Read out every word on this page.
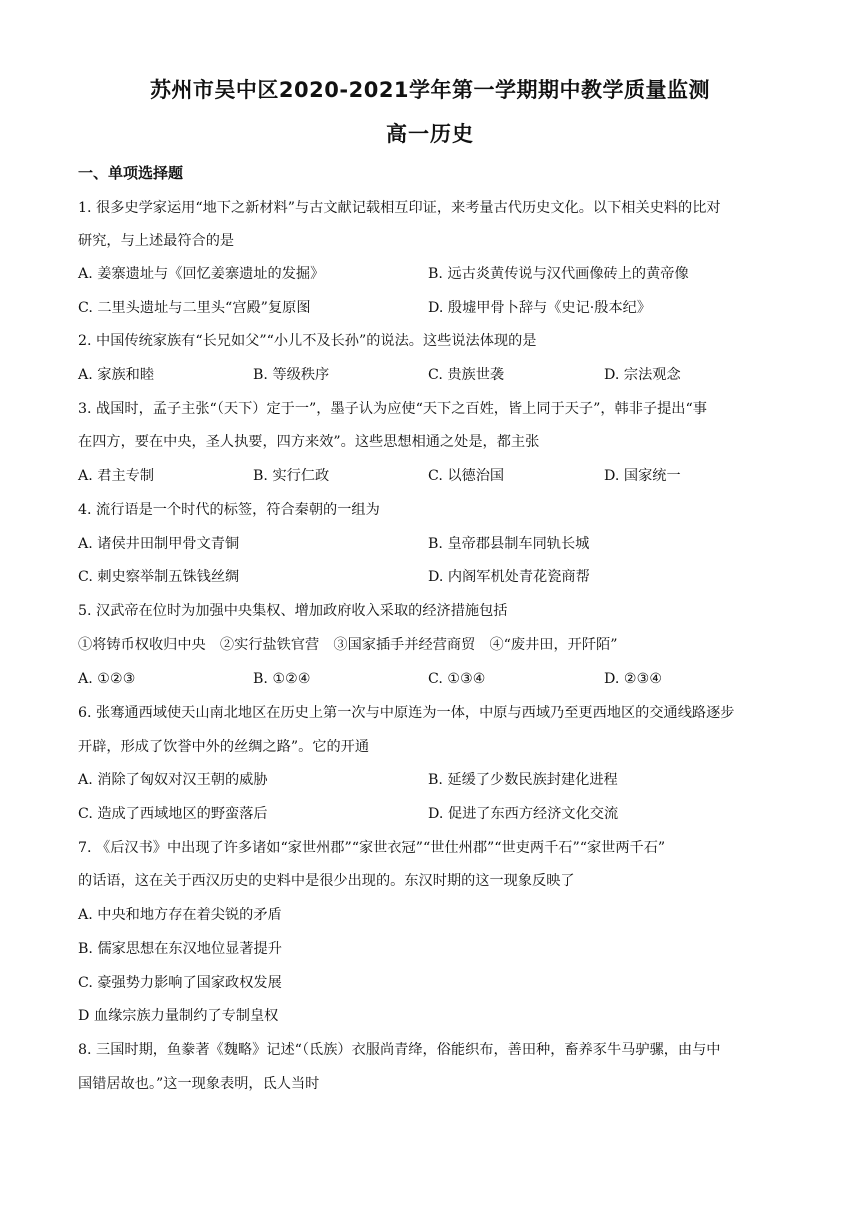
苏州市吴中区2020-2021学年第一学期期中教学质量监测
高一历史
一、单项选择题
1. 很多史学家运用“地下之新材料”与古文献记载相互印证，来考量古代历史文化。以下相关史料的比对
研究，与上述最符合的是
A. 姜寨遗址与《回忆姜寨遗址的发掘》	B. 远古炎黄传说与汉代画像砖上的黄帝像
C. 二里头遗址与二里头“宫殿”复原图	D. 殷墟甲骨卜辞与《史记·殷本纪》
2. 中国传统家族有“长兄如父”“小儿不及长孙”的说法。这些说法体现的是
A. 家族和睦	B. 等级秩序	C. 贵族世袭	D. 宗法观念
3. 战国时，孟子主张“（天下）定于一”，墨子认为应使“天下之百姓，皆上同于天子”，韩非子提出“事
在四方，要在中央，圣人执要，四方来效”。这些思想相通之处是，都主张
A. 君主专制	B. 实行仁政	C. 以德治国	D. 国家统一
4. 流行语是一个时代的标签，符合秦朝的一组为
A. 诸侯井田制甲骨文青铜	B. 皇帝郡县制车同轨长城
C. 刺史察举制五铢钱丝绸	D. 内阁军机处青花瓷商帮
5. 汉武帝在位时为加强中央集权、增加政府收入采取的经济措施包括
①将铸币权收归中央　②实行盐铁官营　③国家插手并经营商贸　④“废井田，开阡陌”
A. ①②③	B. ①②④	C. ①③④	D. ②③④
6. 张骞通西域使天山南北地区在历史上第一次与中原连为一体，中原与西域乃至更西地区的交通线路逐步
开辟，形成了饮誉中外的丝绸之路”。它的开通
A. 消除了匈奴对汉王朝的威胁	B. 延缓了少数民族封建化进程
C. 造成了西域地区的野蛮落后	D. 促进了东西方经济文化交流
7. 《后汉书》中出现了许多诸如“家世州郡”“家世衣冠”“世仕州郡”“世吏两千石”“家世两千石”
的话语，这在关于西汉历史的史料中是很少出现的。东汉时期的这一现象反映了
A. 中央和地方存在着尖锐的矛盾
B. 儒家思想在东汉地位显著提升
C. 豪强势力影响了国家政权发展
D 血缘宗族力量制约了专制皇权
8. 三国时期，鱼豢著《魏略》记述“（氐族）衣服尚青绛，俗能织布，善田种，畜养豕牛马驴骡，由与中
国错居故也。”这一现象表明，氐人当时
